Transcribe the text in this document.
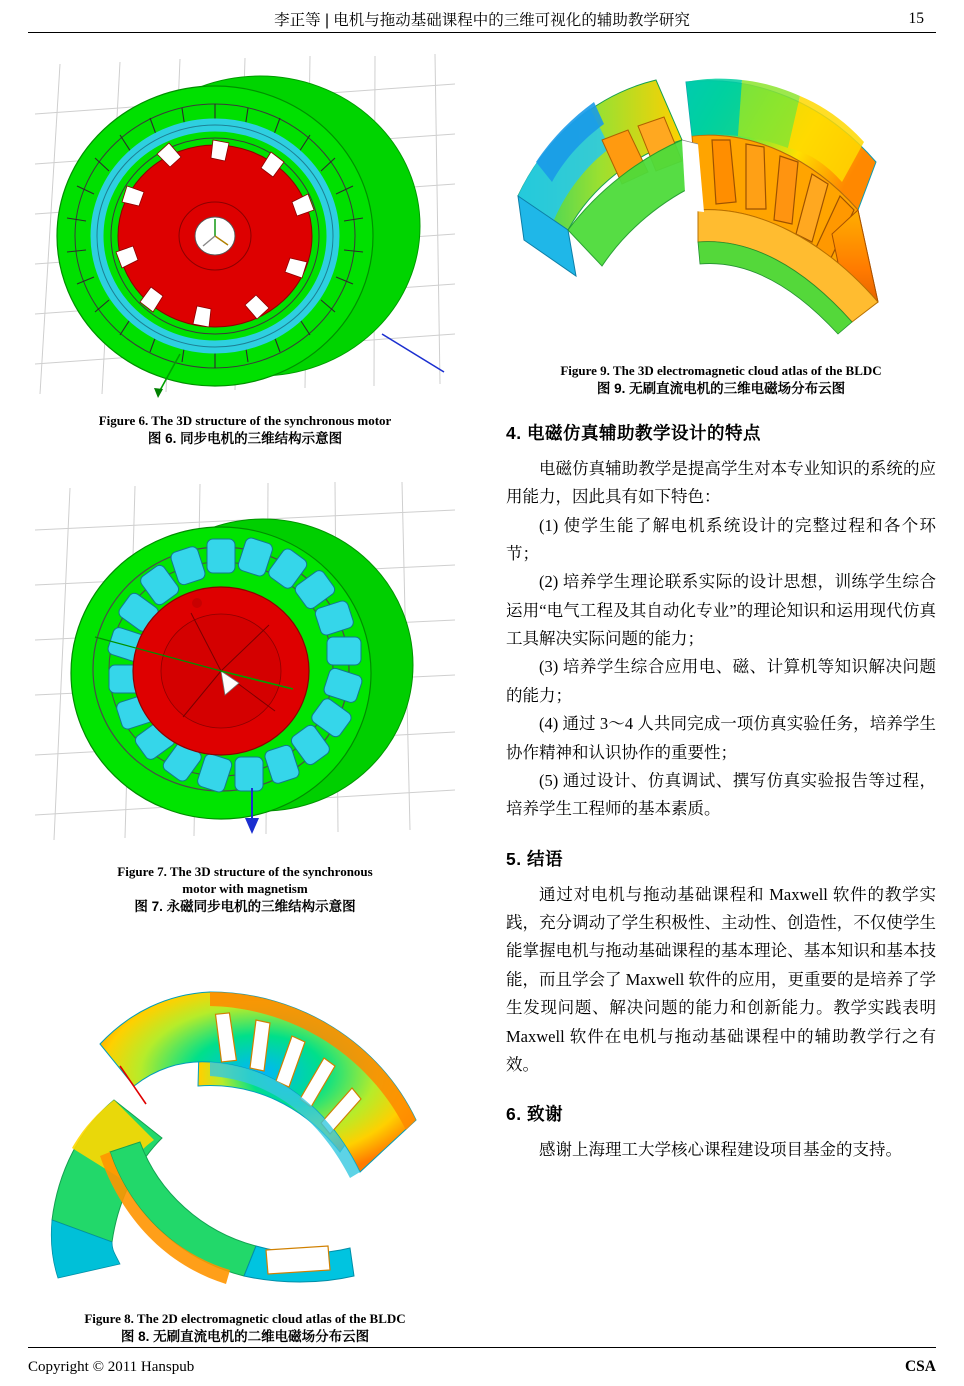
李正等 | 电机与拖动基础课程中的三维可视化的辅助教学研究	15
Figure 6. The 3D structure of the synchronous motor
图 6. 同步电机的三维结构示意图
Figure 7. The 3D structure of the synchronous
motor with magnetism
图 7. 永磁同步电机的三维结构示意图
Figure 8. The 2D electromagnetic cloud atlas of the BLDC
图 8. 无刷直流电机的二维电磁场分布云图
Figure 9. The 3D electromagnetic cloud atlas of the BLDC
图 9. 无刷直流电机的三维电磁场分布云图
4. 电磁仿真辅助教学设计的特点

电磁仿真辅助教学是提高学生对本专业知识的系统的应用能力，因此具有如下特色：

(1) 使学生能了解电机系统设计的完整过程和各个环节；

(2) 培养学生理论联系实际的设计思想，训练学生综合运用“电气工程及其自动化专业”的理论知识和运用现代仿真工具解决实际问题的能力；

(3) 培养学生综合应用电、磁、计算机等知识解决问题的能力；

(4) 通过 3～4 人共同完成一项仿真实验任务，培养学生协作精神和认识协作的重要性；

(5) 通过设计、仿真调试、撰写仿真实验报告等过程，培养学生工程师的基本素质。

5. 结语

通过对电机与拖动基础课程和 Maxwell 软件的教学实践，充分调动了学生积极性、主动性、创造性，不仅使学生能掌握电机与拖动基础课程的基本理论、基本知识和基本技能，而且学会了 Maxwell 软件的应用，更重要的是培养了学生发现问题、解决问题的能力和创新能力。教学实践表明 Maxwell 软件在电机与拖动基础课程中的辅助教学行之有效。

6. 致谢

感谢上海理工大学核心课程建设项目基金的支持。

Copyright © 2011 Hanspub	CSA
